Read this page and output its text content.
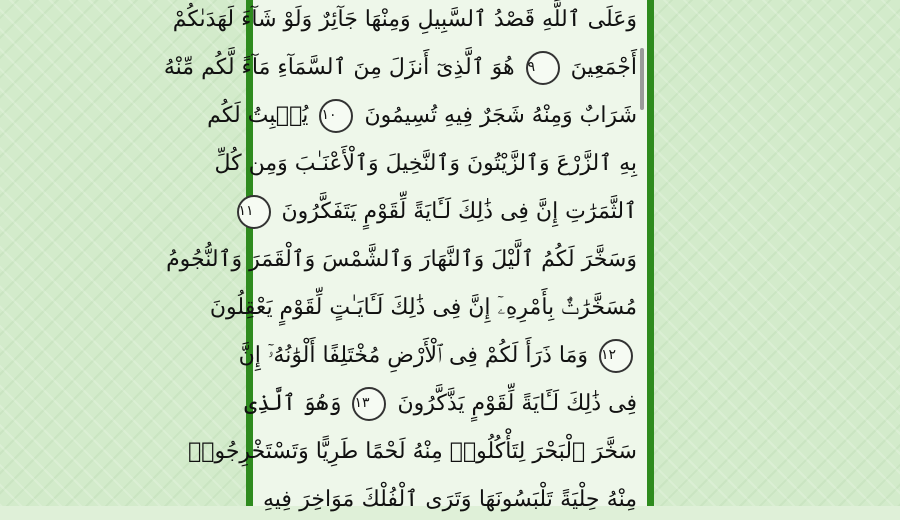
وَعَلَى ٱللَّهِ قَصْدُ ٱلسَّبِيلِ وَمِنْهَا جَآئِرٌ وَلَوْ شَآءَ لَهَدَىٰكُمْ
أَجْمَعِينَ ٩ هُوَ ٱلَّذِىٓ أَنزَلَ مِنَ ٱلسَّمَآءِ مَآءً لَّكُم مِّنْهُ
شَرَابٌ وَمِنْهُ شَجَرٌ فِيهِ تُسِيمُونَ ١٠ يُنۢبِتُ لَكُم
بِهِ ٱلزَّرْعَ وَٱلزَّيْتُونَ وَٱلنَّخِيلَ وَٱلْأَعْنَـٰبَ وَمِن كُلِّ
ٱلثَّمَرَٰتِ إِنَّ فِى ذَٰلِكَ لَـَٔايَةً لِّقَوْمٍ يَتَفَكَّرُونَ ١١
وَسَخَّرَ لَكُمُ ٱلَّيْلَ وَٱلنَّهَارَ وَٱلشَّمْسَ وَٱلْقَمَرَ وَٱلنُّجُومُ
مُسَخَّرَٰتٌۢ بِأَمْرِهِۦٓ إِنَّ فِى ذَٰلِكَ لَـَٔايَـٰتٍ لِّقَوْمٍ يَعْقِلُونَ
١٢ وَمَا ذَرَأَ لَكُمْ فِى ٱلْأَرْضِ مُخْتَلِفًا أَلْوَٰنُهُۥٓ إِنَّ
فِى ذَٰلِكَ لَـَٔايَةً لِّقَوْمٍ يَذَّكَّرُونَ ١٣ وَهُوَ ٱلَّذِى
سَخَّرَ ٱلْبَحْرَ لِتَأْكُلُوا۟ مِنْهُ لَحْمًا طَرِيًّا وَتَسْتَخْرِجُوا۟
مِنْهُ حِلْيَةً تَلْبَسُونَهَا وَتَرَى ٱلْفُلْكَ مَوَاخِرَ فِيهِ
